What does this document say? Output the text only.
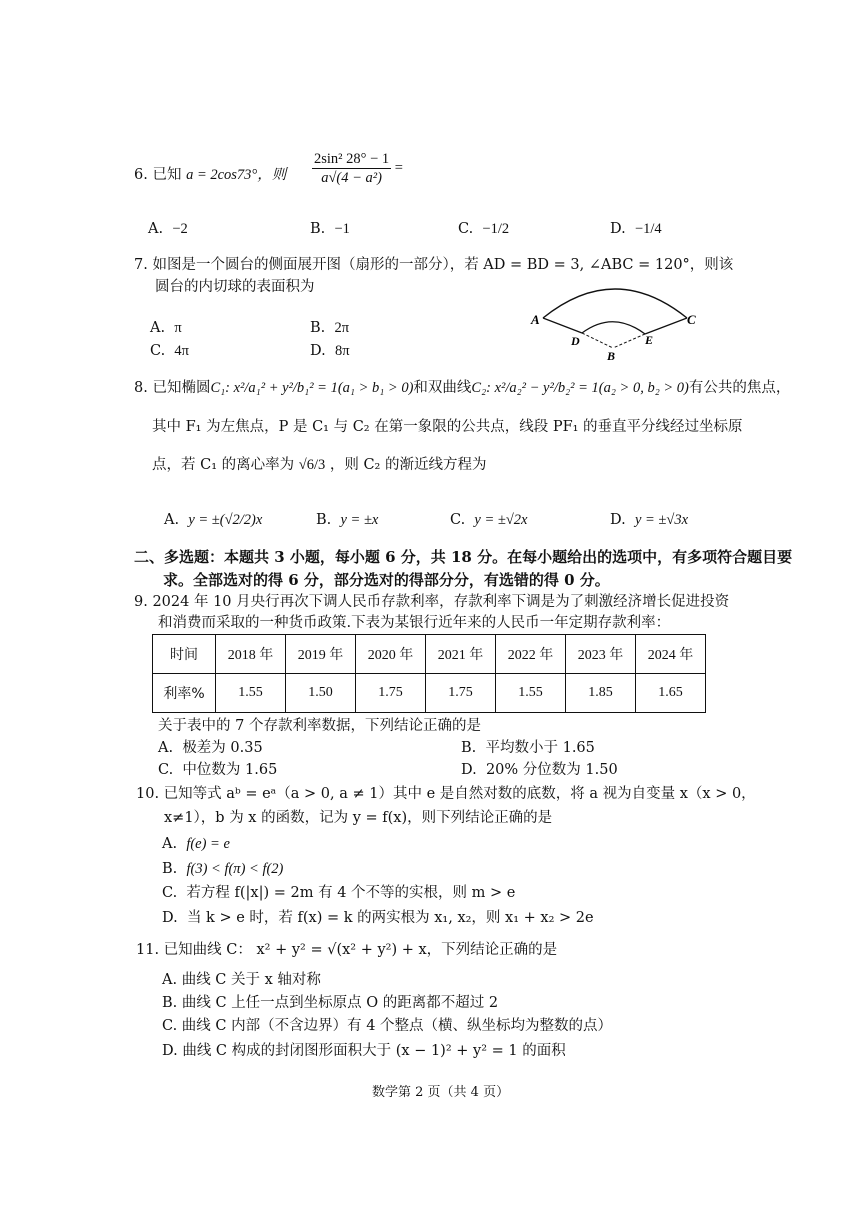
6. 已知 a = 2cos73°，则 $\frac{\text{2sin² 28° − 1}}{\text{a√(4 − a²)}}$ =
A. −2	B. −1	C. −1/2	D. −1/4
7. 如图是一个圆台的侧面展开图（扇形的一部分），若 AD = BD = 3, ∠ABC = 120°，则该
圆台的内切球的表面积为
A. π	B. 2π
C. 4π	D. 8π
A
D
B
E
C
8. 已知椭圆C₁: x²/a₁² + y²/b₁² = 1(a₁ > b₁ > 0)和双曲线C₂: x²/a₂² − y²/b₂² = 1(a₂ > 0, b₂ > 0)有公共的焦点，
其中 F₁ 为左焦点，P 是 C₁ 与 C₂ 在第一象限的公共点，线段 PF₁ 的垂直平分线经过坐标原
点，若 C₁ 的离心率为 √6/3 ，则 C₂ 的渐近线方程为
A. y = ±(√2/2)x	B. y = ±x	C. y = ±√2x	D. y = ±√3x
二、多选题：本题共 3 小题，每小题 6 分，共 18 分。在每小题给出的选项中，有多项符合题目要
求。全部选对的得 6 分，部分选对的得部分分，有选错的得 0 分。
9. 2024 年 10 月央行再次下调人民币存款利率，存款利率下调是为了刺激经济增长促进投资
和消费而采取的一种货币政策.下表为某银行近年来的人民币一年定期存款利率：
时间	2018 年	2019 年	2020 年	2021 年	2022 年	2023 年	2024 年
利率%	1.55	1.50	1.75	1.75	1.55	1.85	1.65
关于表中的 7 个存款利率数据，下列结论正确的是
A. 极差为 0.35	B. 平均数小于 1.65
C. 中位数为 1.65	D. 20% 分位数为 1.50
10. 已知等式 aᵇ = eᵃ（a > 0, a ≠ 1）其中 e 是自然对数的底数，将 a 视为自变量 x（x > 0，
x≠1），b 为 x 的函数，记为 y = f(x)，则下列结论正确的是
A. f(e) = e
B. f(3) < f(π) < f(2)
C. 若方程 f(|x|) = 2m 有 4 个不等的实根，则 m > e
D. 当 k > e 时，若 f(x) = k 的两实根为 x₁, x₂，则 x₁ + x₂ > 2e
11. 已知曲线 C： x² + y² = √(x² + y²) + x，下列结论正确的是
A. 曲线 C 关于 x 轴对称
B. 曲线 C 上任一点到坐标原点 O 的距离都不超过 2
C. 曲线 C 内部（不含边界）有 4 个整点（横、纵坐标均为整数的点）
D. 曲线 C 构成的封闭图形面积大于 (x − 1)² + y² = 1 的面积
数学第 2 页（共 4 页）
